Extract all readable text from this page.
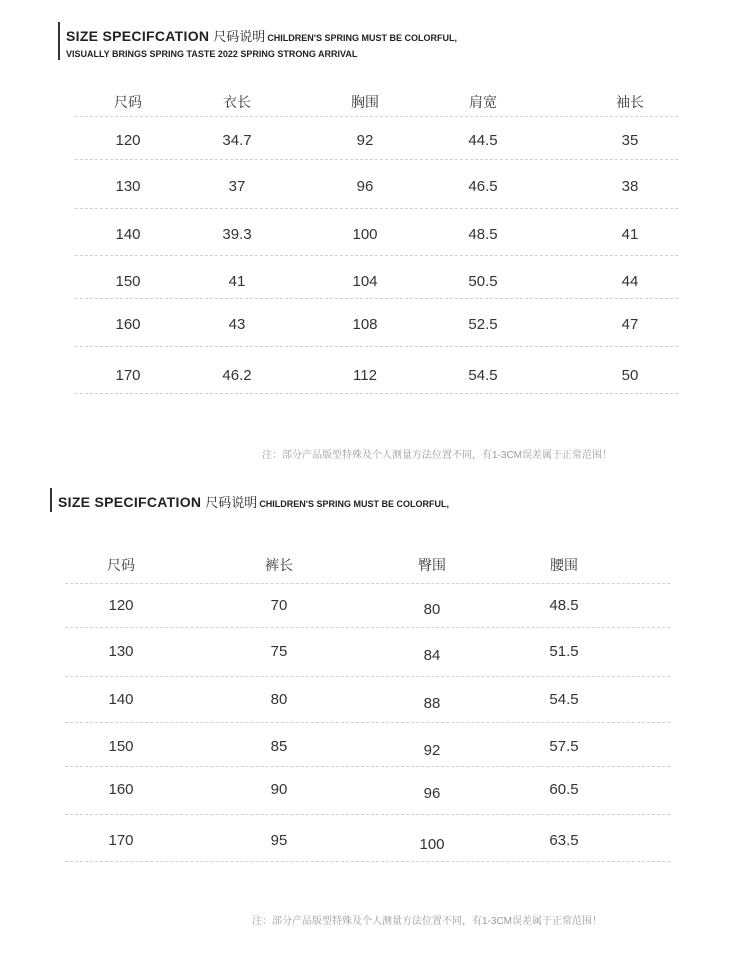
SIZE SPECIFCATION 尺码说明 CHILDREN'S SPRING MUST BE COLORFUL,
VISUALLY BRINGS SPRING TASTE 2022 SPRING STRONG ARRIVAL
尺码	衣长	胸围	肩宽	袖长
120	34.7	92	44.5	35
130	37	96	46.5	38
140	39.3	100	48.5	41
150	41	104	50.5	44
160	43	108	52.5	47
170	46.2	112	54.5	50
注：部分产品版型特殊及个人测量方法位置不同，有1-3CM误差属于正常范围！
SIZE SPECIFCATION 尺码说明 CHILDREN'S SPRING MUST BE COLORFUL,
尺码	裤长	臀围	腰围
120	70	80	48.5
130	75	84	51.5
140	80	88	54.5
150	85	92	57.5
160	90	96	60.5
170	95	100	63.5
注：部分产品版型特殊及个人测量方法位置不同，有1-3CM误差属于正常范围！
